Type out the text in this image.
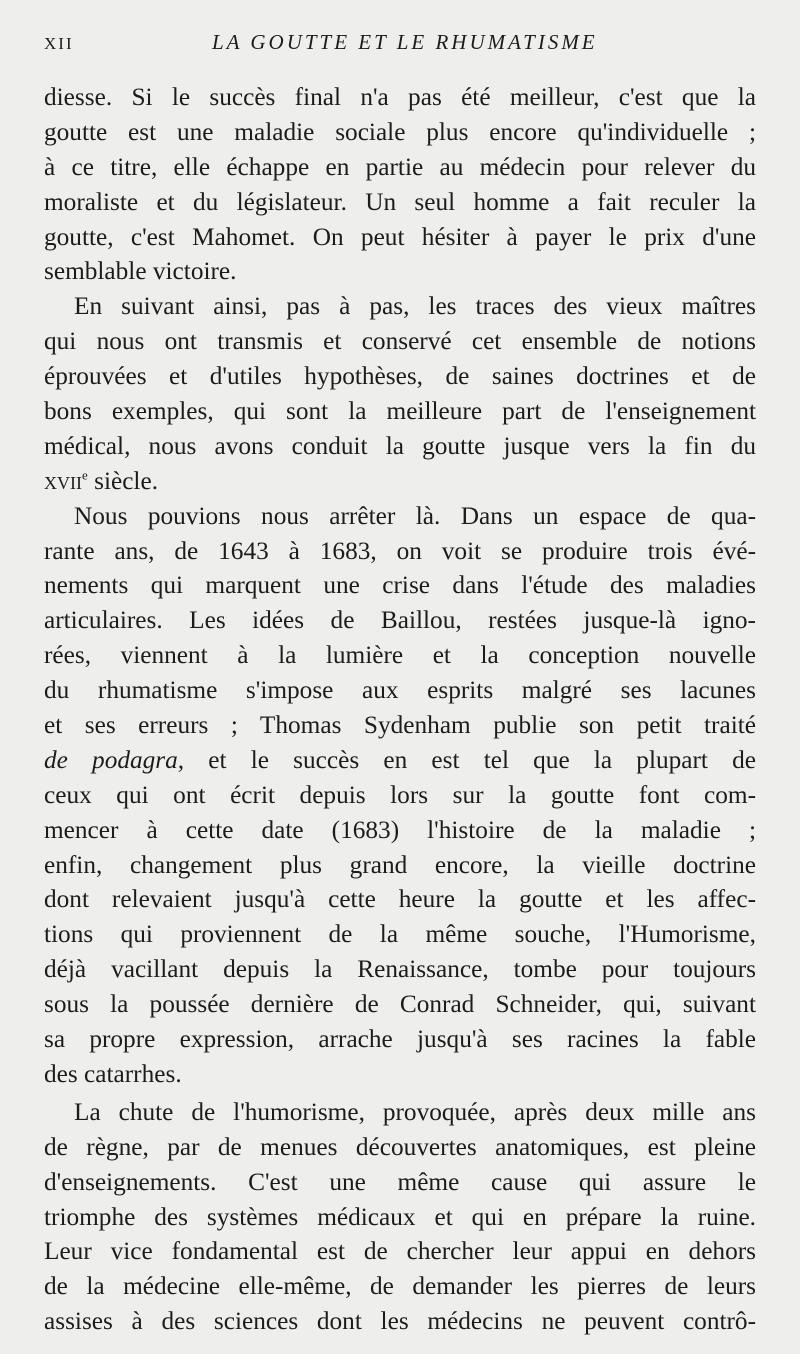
XII	LA GOUTTE ET LE RHUMATISME
diesse. Si le succès final n'a pas été meilleur, c'est que la
goutte est une maladie sociale plus encore qu'individuelle ;
à ce titre, elle échappe en partie au médecin pour relever du
moraliste et du législateur. Un seul homme a fait reculer la
goutte, c'est Mahomet. On peut hésiter à payer le prix d'une
semblable victoire.
En suivant ainsi, pas à pas, les traces des vieux maîtres
qui nous ont transmis et conservé cet ensemble de notions
éprouvées et d'utiles hypothèses, de saines doctrines et de
bons exemples, qui sont la meilleure part de l'enseignement
médical, nous avons conduit la goutte jusque vers la fin du
xvii$^e$ siècle.
Nous pouvions nous arrêter là. Dans un espace de qua-
rante ans, de 1643 à 1683, on voit se produire trois évé-
nements qui marquent une crise dans l'étude des maladies
articulaires. Les idées de Baillou, restées jusque-là igno-
rées, viennent à la lumière et la conception nouvelle
du rhumatisme s'impose aux esprits malgré ses lacunes
et ses erreurs ; Thomas Sydenham publie son petit traité
de podagra, et le succès en est tel que la plupart de
ceux qui ont écrit depuis lors sur la goutte font com-
mencer à cette date (1683) l'histoire de la maladie ;
enfin, changement plus grand encore, la vieille doctrine
dont relevaient jusqu'à cette heure la goutte et les affec-
tions qui proviennent de la même souche, l'Humorisme,
déjà vacillant depuis la Renaissance, tombe pour toujours
sous la poussée dernière de Conrad Schneider, qui, suivant
sa propre expression, arrache jusqu'à ses racines la fable
des catarrhes.
La chute de l'humorisme, provoquée, après deux mille ans
de règne, par de menues découvertes anatomiques, est pleine
d'enseignements. C'est une même cause qui assure le
triomphe des systèmes médicaux et qui en prépare la ruine.
Leur vice fondamental est de chercher leur appui en dehors
de la médecine elle-même, de demander les pierres de leurs
assises à des sciences dont les médecins ne peuvent contrô-
